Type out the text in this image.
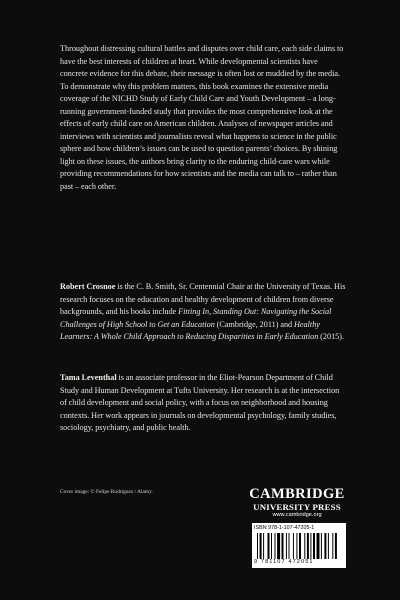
Throughout distressing cultural battles and disputes over child care, each side claims to have the best interests of children at heart. While developmental scientists have concrete evidence for this debate, their message is often lost or muddied by the media. To demonstrate why this problem matters, this book examines the extensive media coverage of the NICHD Study of Early Child Care and Youth Development – a long-running government-funded study that provides the most comprehensive look at the effects of early child care on American children. Analyses of newspaper articles and interviews with scientists and journalists reveal what happens to science in the public sphere and how children’s issues can be used to question parents’ choices. By shining light on these issues, the authors bring clarity to the enduring child-care wars while providing recommendations for how scientists and the media can talk to – rather than past – each other.

Robert Crosnoe is the C. B. Smith, Sr. Centennial Chair at the University of Texas. His research focuses on the education and healthy development of children from diverse backgrounds, and his books include Fitting In, Standing Out: Navigating the Social Challenges of High School to Get an Education (Cambridge, 2011) and Healthy Learners: A Whole Child Approach to Reducing Disparities in Early Education (2015).

Tama Leventhal is an associate professor in the Eliot-Pearson Department of Child Study and Human Development at Tufts University. Her research is at the intersection of child development and social policy, with a focus on neighborhood and housing contexts. Her work appears in journals on developmental psychology, family studies, sociology, psychiatry, and public health.

Cover image: © Felipe Rodriguez / Alamy.	CAMBRIDGE
UNIVERSITY PRESS
www.cambridge.org
ISBN 978-1-107-47205-1
9 781107 472051
